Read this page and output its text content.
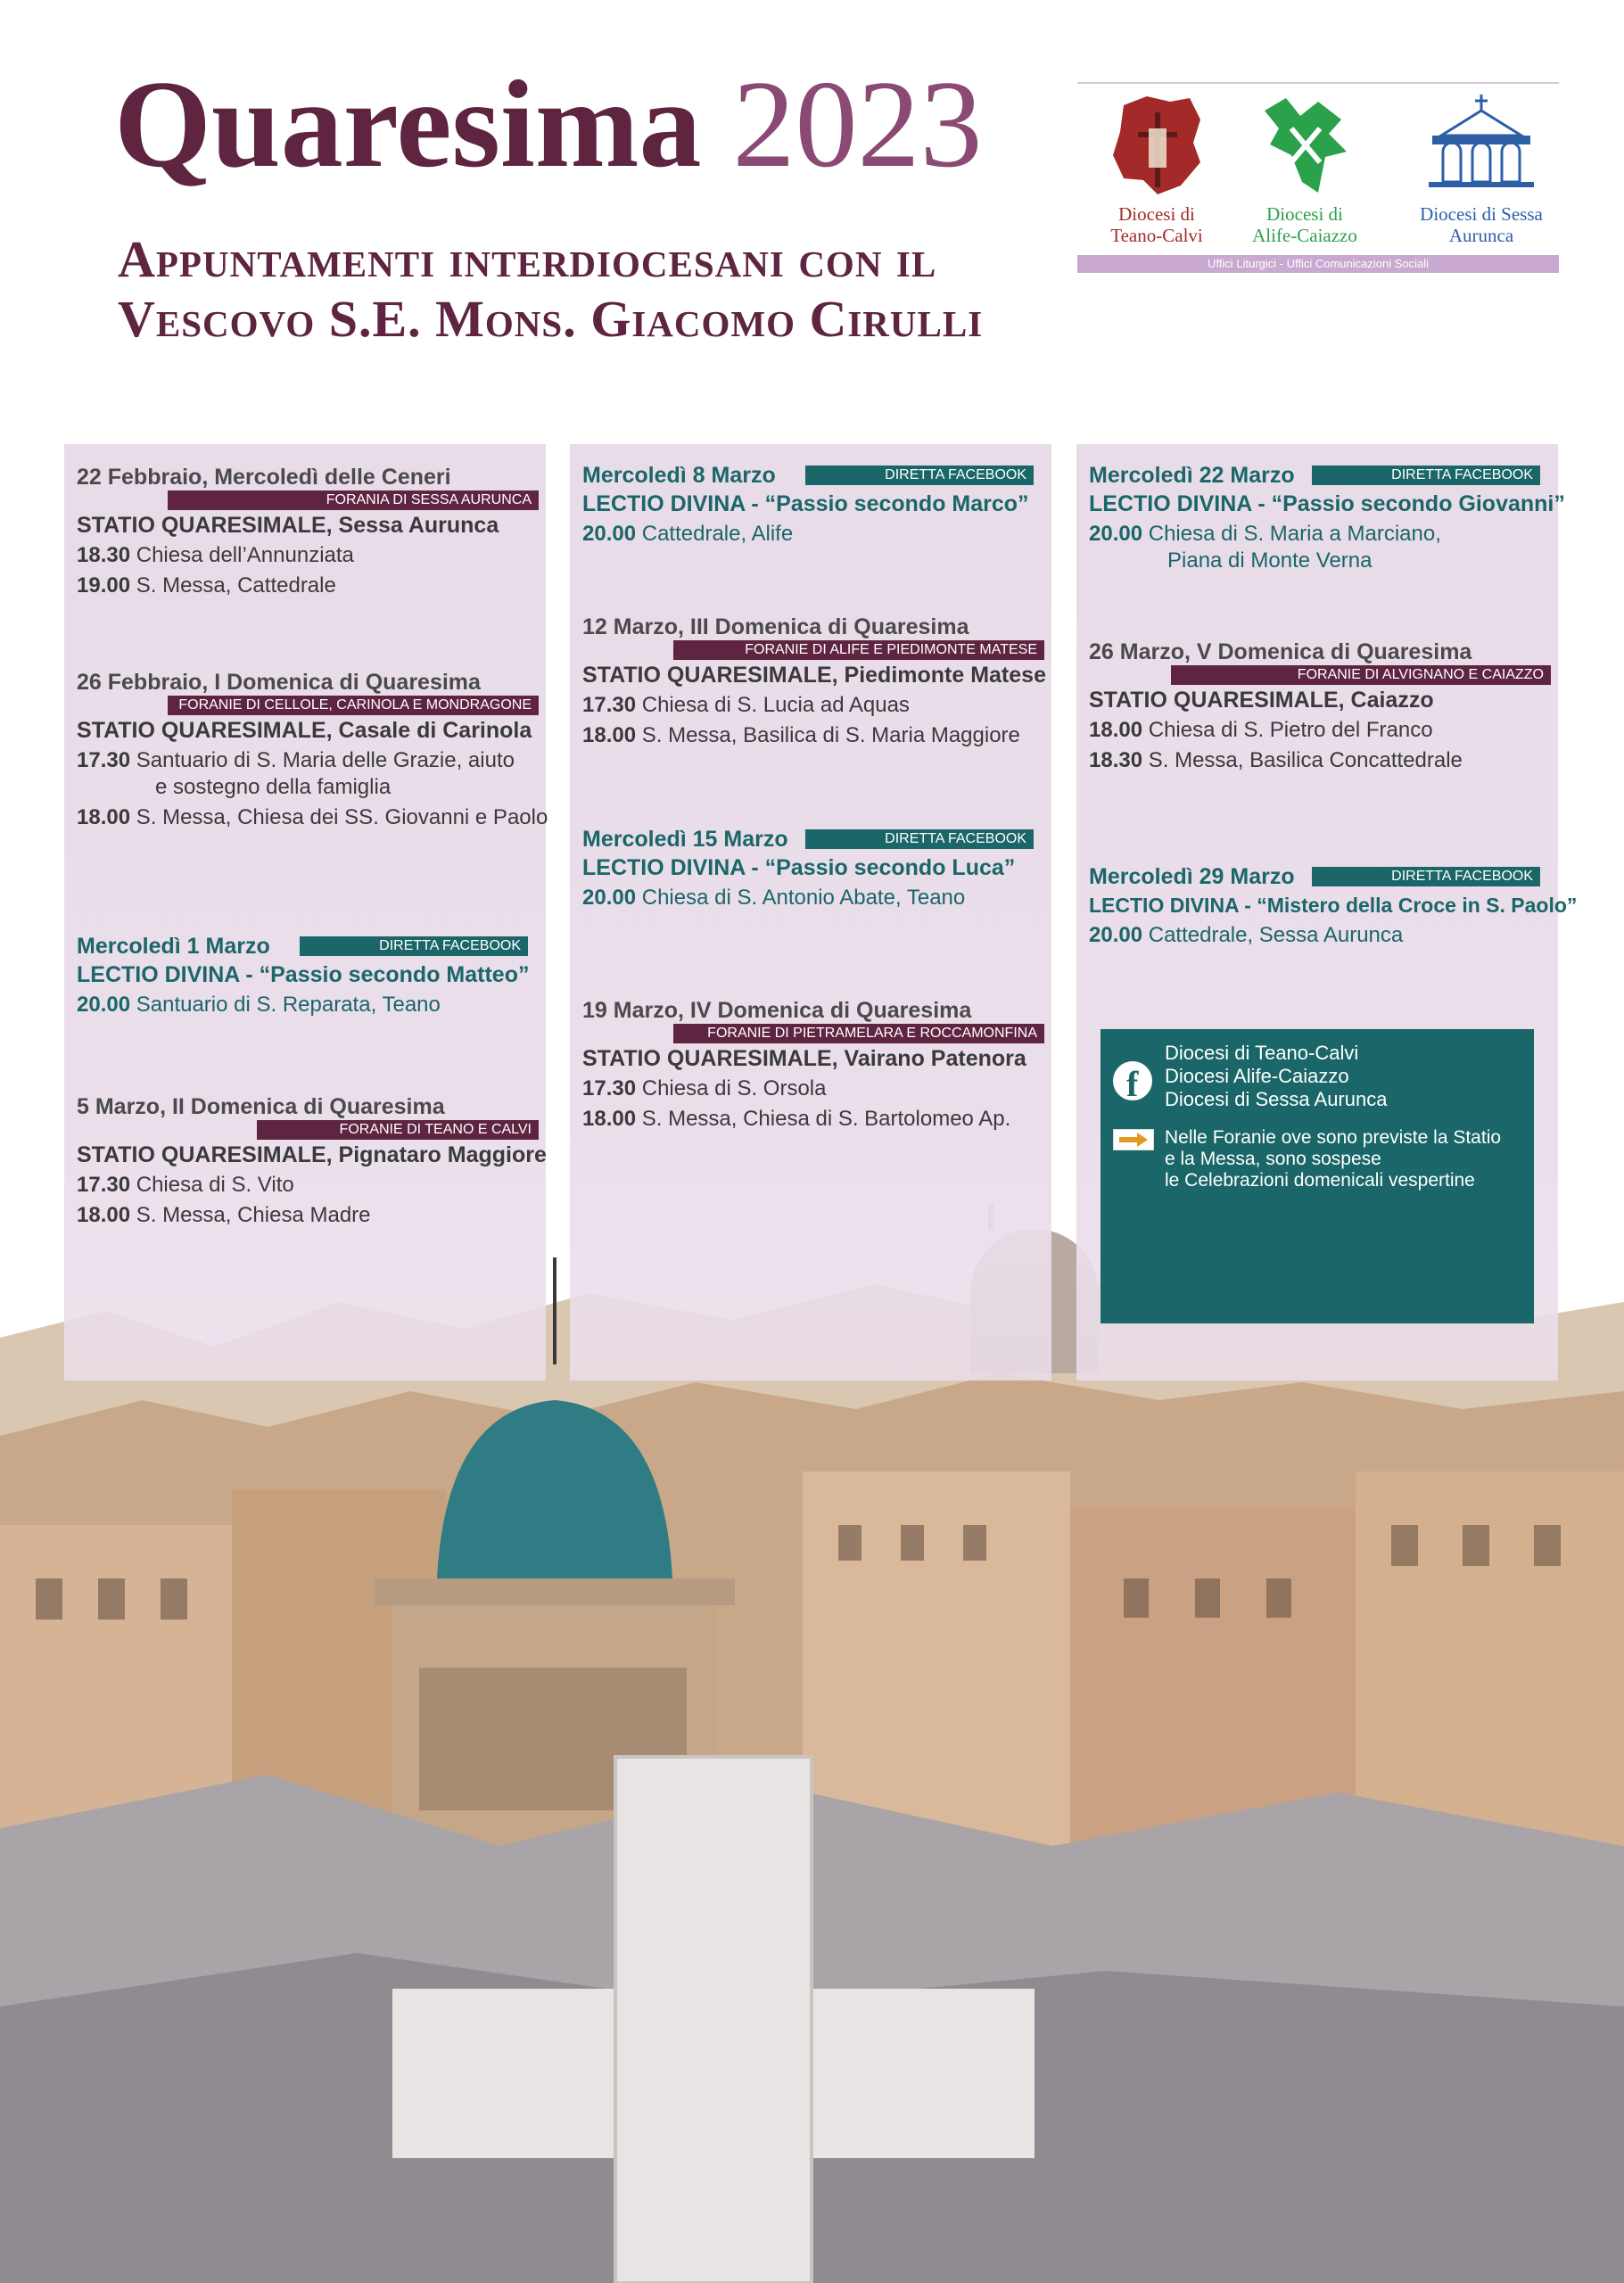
Quaresima 2023
Appuntamenti interdiocesani con il
Vescovo S.E. Mons. Giacomo Cirulli
Diocesi di Teano-Calvi
Diocesi di Alife-Caiazzo
Diocesi di Sessa Aurunca
Uffici Liturgici - Uffici Comunicazioni Sociali
22 Febbraio, Mercoledì delle Ceneri
FORANIA DI SESSA AURUNCA
STATIO QUARESIMALE, Sessa Aurunca
18.30 Chiesa dell’Annunziata
19.00 S. Messa, Cattedrale
26 Febbraio, I Domenica di Quaresima
FORANIE DI CELLOLE, CARINOLA E MONDRAGONE
STATIO QUARESIMALE, Casale di Carinola
17.30 Santuario di S. Maria delle Grazie, aiuto
e sostegno della famiglia
18.00 S. Messa, Chiesa dei SS. Giovanni e Paolo
Mercoledì 1 Marzo	DIRETTA FACEBOOK
LECTIO DIVINA - “Passio secondo Matteo”
20.00 Santuario di S. Reparata, Teano
5 Marzo, II Domenica di Quaresima
FORANIE DI TEANO E CALVI
STATIO QUARESIMALE, Pignataro Maggiore
17.30 Chiesa di S. Vito
18.00 S. Messa, Chiesa Madre
Mercoledì 8 Marzo	DIRETTA FACEBOOK
LECTIO DIVINA - “Passio secondo Marco”
20.00 Cattedrale, Alife
12 Marzo, III Domenica di Quaresima
FORANIE DI ALIFE E PIEDIMONTE MATESE
STATIO QUARESIMALE, Piedimonte Matese
17.30 Chiesa di S. Lucia ad Aquas
18.00 S. Messa, Basilica di S. Maria Maggiore
Mercoledì 15 Marzo	DIRETTA FACEBOOK
LECTIO DIVINA - “Passio secondo Luca”
20.00 Chiesa di S. Antonio Abate, Teano
19 Marzo, IV Domenica di Quaresima
FORANIE DI PIETRAMELARA E ROCCAMONFINA
STATIO QUARESIMALE, Vairano Patenora
17.30 Chiesa di S. Orsola
18.00 S. Messa, Chiesa di S. Bartolomeo Ap.
Mercoledì 22 Marzo	DIRETTA FACEBOOK
LECTIO DIVINA - “Passio secondo Giovanni”
20.00 Chiesa di S. Maria a Marciano,
Piana di Monte Verna
26 Marzo, V Domenica di Quaresima
FORANIE DI ALVIGNANO E CAIAZZO
STATIO QUARESIMALE, Caiazzo
18.00 Chiesa di S. Pietro del Franco
18.30 S. Messa, Basilica Concattedrale
Mercoledì 29 Marzo	DIRETTA FACEBOOK
LECTIO DIVINA - “Mistero della Croce in S. Paolo”
20.00 Cattedrale, Sessa Aurunca
f
Diocesi di Teano-Calvi
Diocesi Alife-Caiazzo
Diocesi di Sessa Aurunca
Nelle Foranie ove sono previste la Statio
e la Messa, sono sospese
le Celebrazioni domenicali vespertine
